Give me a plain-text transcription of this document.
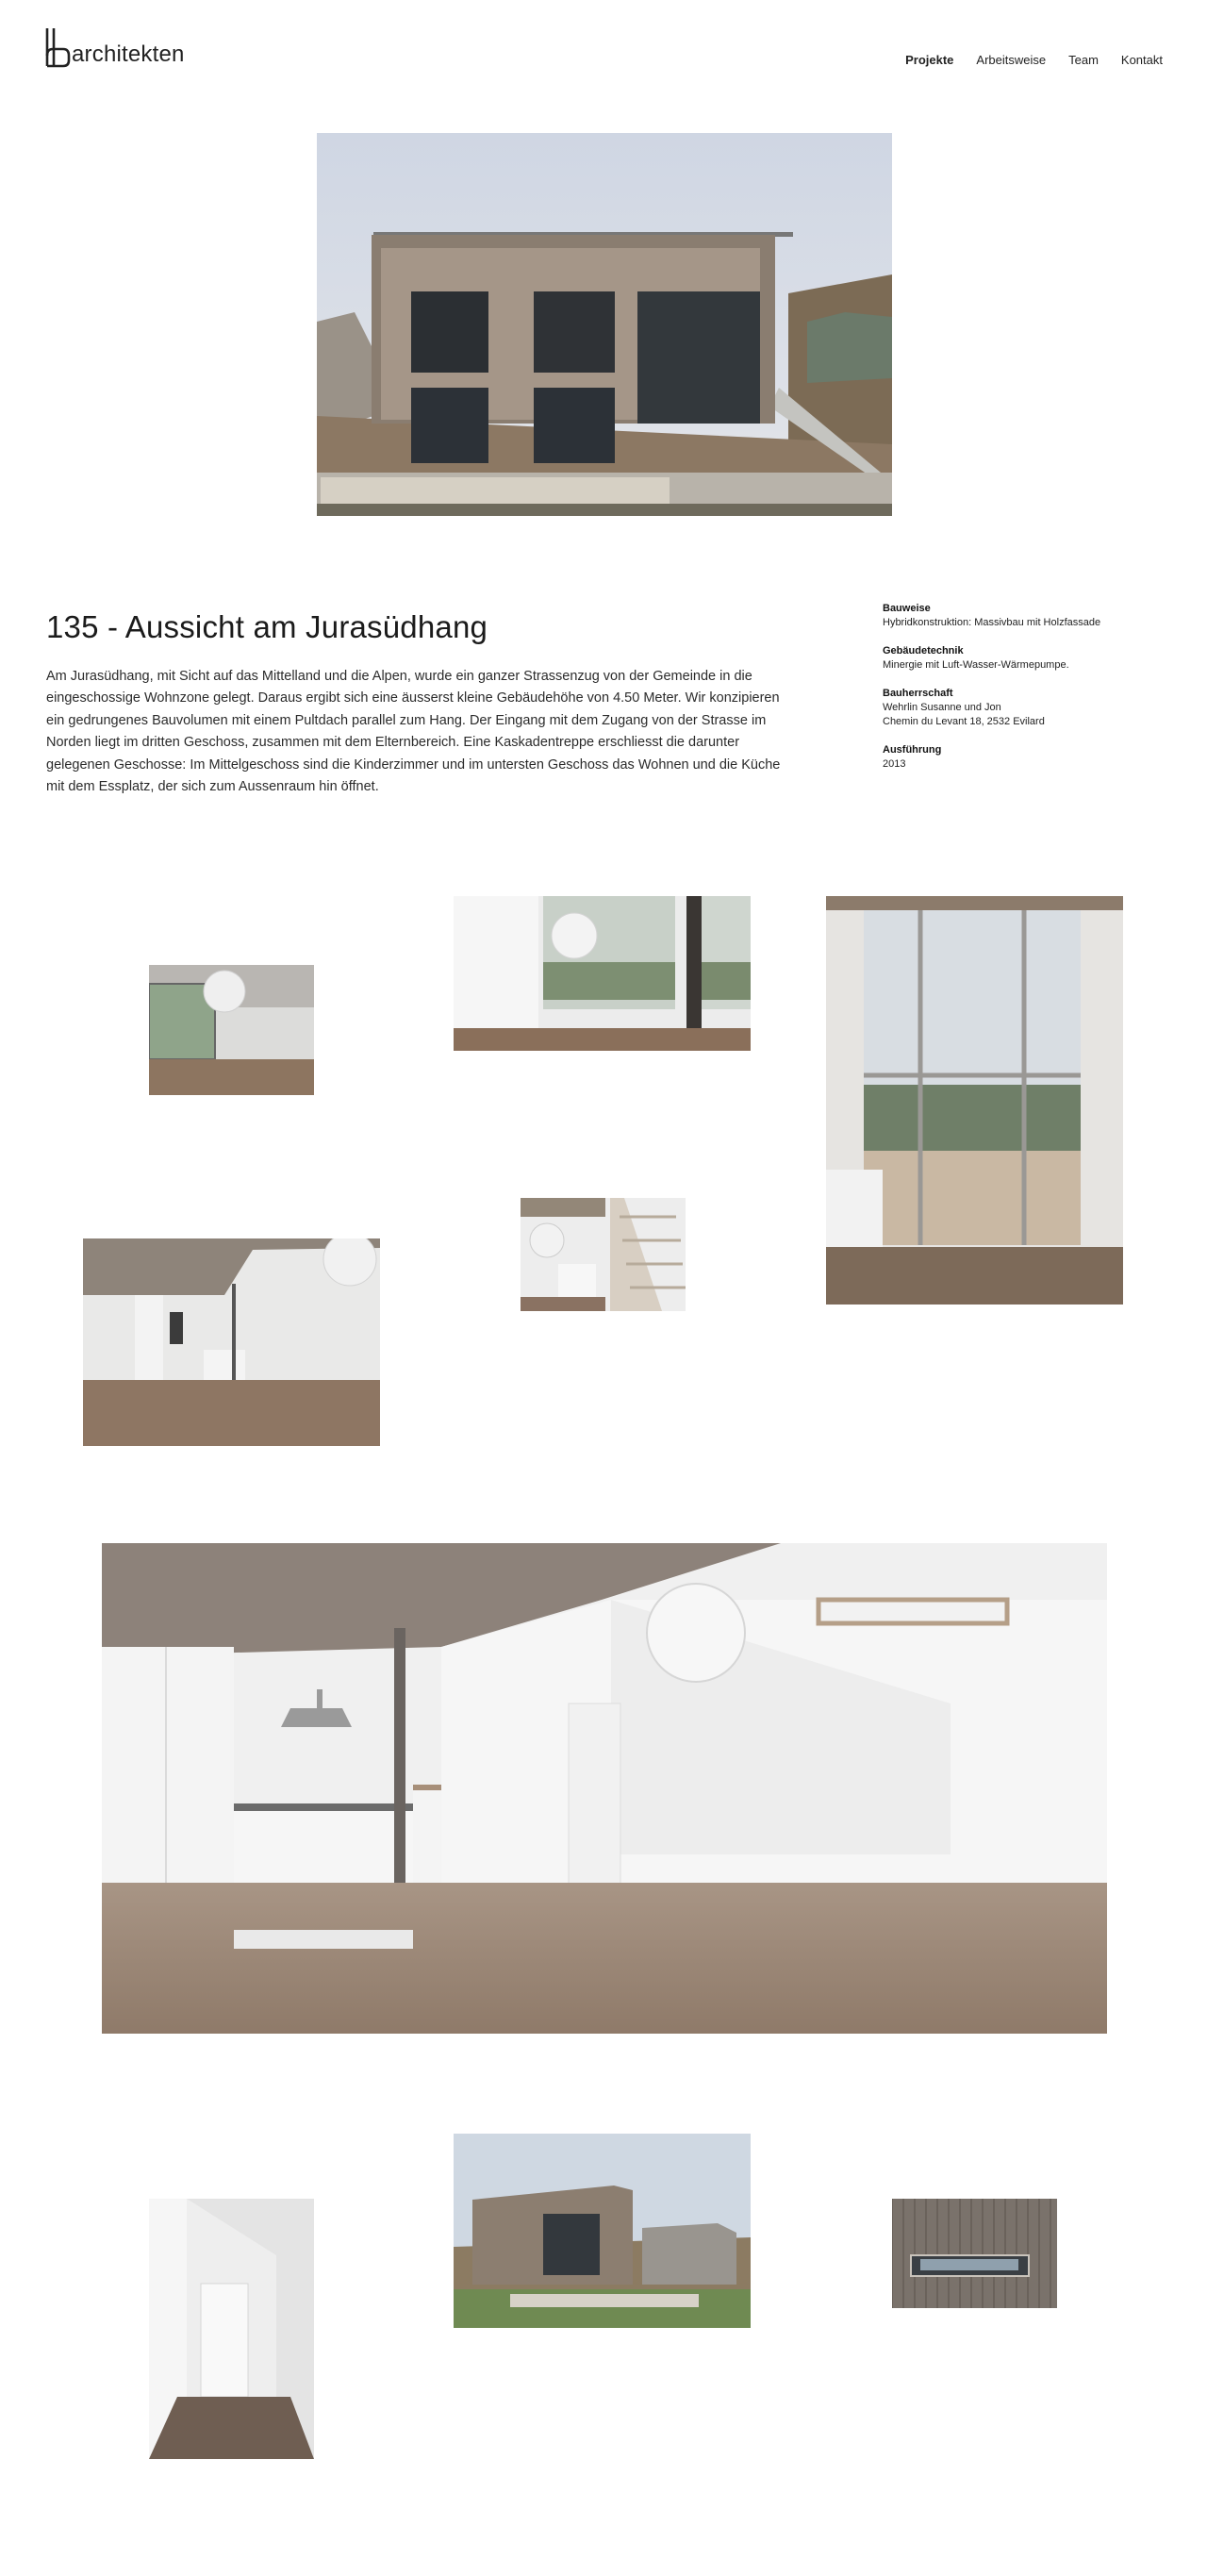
architekten	Projekte Arbeitsweise Team Kontakt
135 - Aussicht am Jurasüdhang

Am Jurasüdhang, mit Sicht auf das Mittelland und die Alpen, wurde ein ganzer Strassenzug von der Gemeinde in die eingeschossige Wohnzone gelegt. Daraus ergibt sich eine äusserst kleine Gebäudehöhe von 4.50 Meter. Wir konzipieren ein gedrungenes Bauvolumen mit einem Pultdach parallel zum Hang. Der Eingang mit dem Zugang von der Strasse im Norden liegt im dritten Geschoss, zusammen mit dem Elternbereich. Eine Kaskadentreppe erschliesst die darunter gelegenen Geschosse: Im Mittelgeschoss sind die Kinderzimmer und im untersten Geschoss das Wohnen und die Küche mit dem Essplatz, der sich zum Aussenraum hin öffnet.

Bauweise
Hybridkonstruktion: Massivbau mit Holzfassade
Gebäudetechnik
Minergie mit Luft-Wasser-Wärmepumpe.
Bauherrschaft
Wehrlin Susanne und Jon
Chemin du Levant 18, 2532 Evilard
Ausführung
2013
